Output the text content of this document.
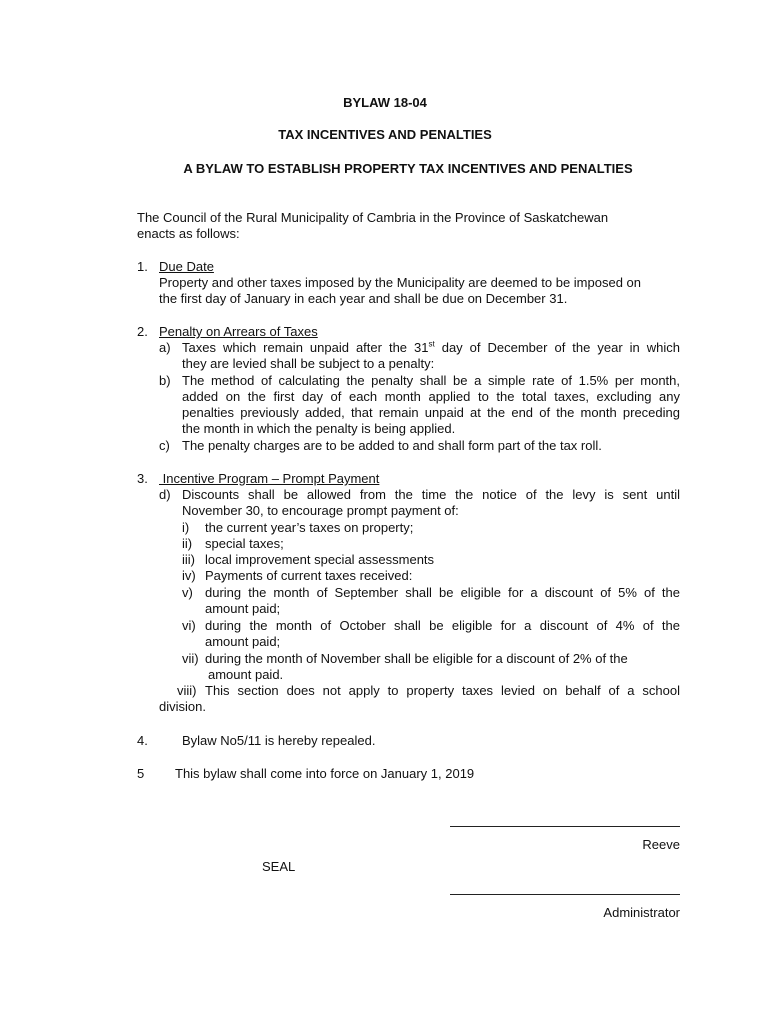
BYLAW 18-04
TAX INCENTIVES AND PENALTIES
A BYLAW TO ESTABLISH PROPERTY TAX INCENTIVES AND PENALTIES
The Council of the Rural Municipality of Cambria in the Province of Saskatchewan
enacts as follows:
1. Due Date
Property and other taxes imposed by the Municipality are deemed to be imposed on
the first day of January in each year and shall be due on December 31.
2. Penalty on Arrears of Taxes
a) Taxes which remain unpaid after the 31st day of December of the year in which
they are levied shall be subject to a penalty:
b) The method of calculating the penalty shall be a simple rate of 1.5% per month,
added on the first day of each month applied to the total taxes, excluding any
penalties previously added, that remain unpaid at the end of the month preceding
the month in which the penalty is being applied.
c) The penalty charges are to be added to and shall form part of the tax roll.
3. Incentive Program – Prompt Payment
d) Discounts shall be allowed from the time the notice of the levy is sent until
November 30, to encourage prompt payment of:
i) the current year’s taxes on property;
ii) special taxes;
iii) local improvement special assessments
iv) Payments of current taxes received:
v) during the month of September shall be eligible for a discount of 5% of the
amount paid;
vi) during the month of October shall be eligible for a discount of 4% of the
amount paid;
vii) during the month of November shall be eligible for a discount of 2% of the
amount paid.
viii) This section does not apply to property taxes levied on behalf of a school
division.
4.	Bylaw No5/11 is hereby repealed.
5 This bylaw shall come into force on January 1, 2019
Reeve
SEAL
Administrator
